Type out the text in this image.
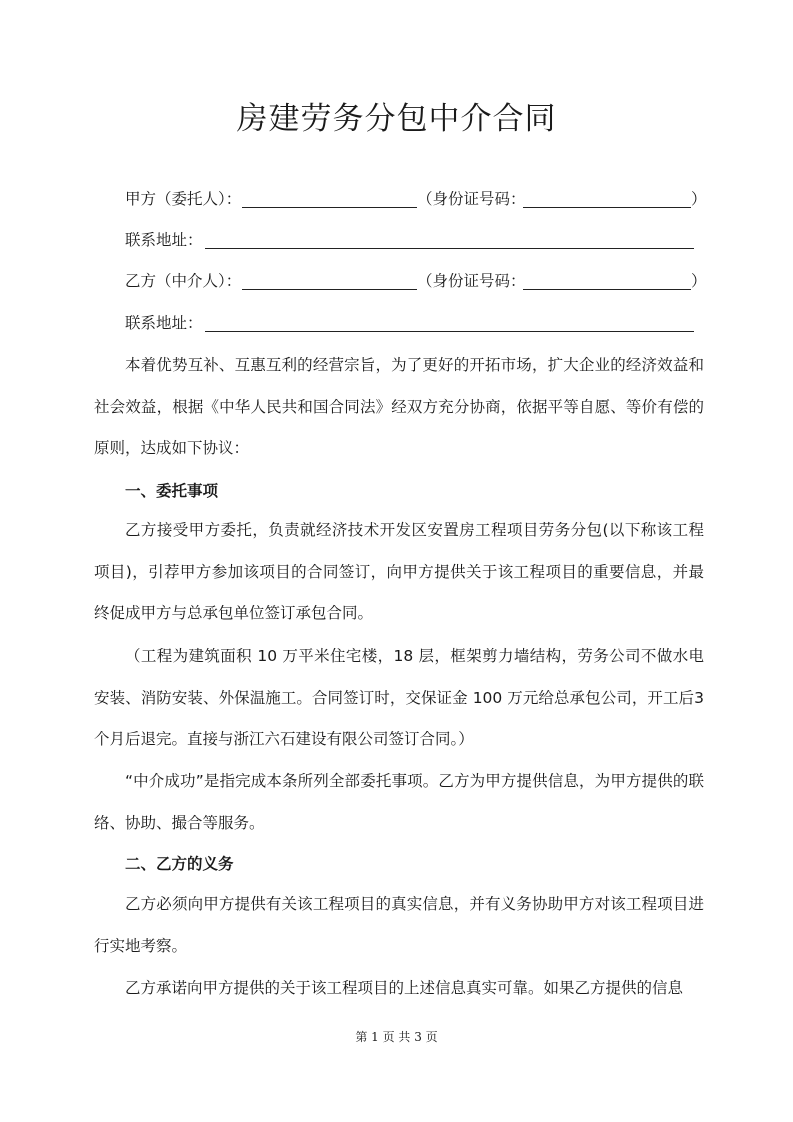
房建劳务分包中介合同
甲方（委托人）：	（身份证号码：	）
联系地址：
乙方（中介人）：	（身份证号码：	）
联系地址：

本着优势互补、互惠互利的经营宗旨，为了更好的开拓市场，扩大企业的经济效益和社会效益，根据《中华人民共和国合同法》经双方充分协商，依据平等自愿、等价有偿的原则，达成如下协议：

一、委托事项

乙方接受甲方委托，负责就经济技术开发区安置房工程项目劳务分包(以下称该工程项目)，引荐甲方参加该项目的合同签订，向甲方提供关于该工程项目的重要信息，并最终促成甲方与总承包单位签订承包合同。

（工程为建筑面积 10 万平米住宅楼，18 层，框架剪力墙结构，劳务公司不做水电安装、消防安装、外保温施工。合同签订时，交保证金 100 万元给总承包公司，开工后3 个月后退完。直接与浙江六石建设有限公司签订合同。）

“中介成功”是指完成本条所列全部委托事项。乙方为甲方提供信息，为甲方提供的联络、协助、撮合等服务。

二、乙方的义务

乙方必须向甲方提供有关该工程项目的真实信息，并有义务协助甲方对该工程项目进行实地考察。

乙方承诺向甲方提供的关于该工程项目的上述信息真实可靠。如果乙方提供的信息

第 1 页 共 3 页
